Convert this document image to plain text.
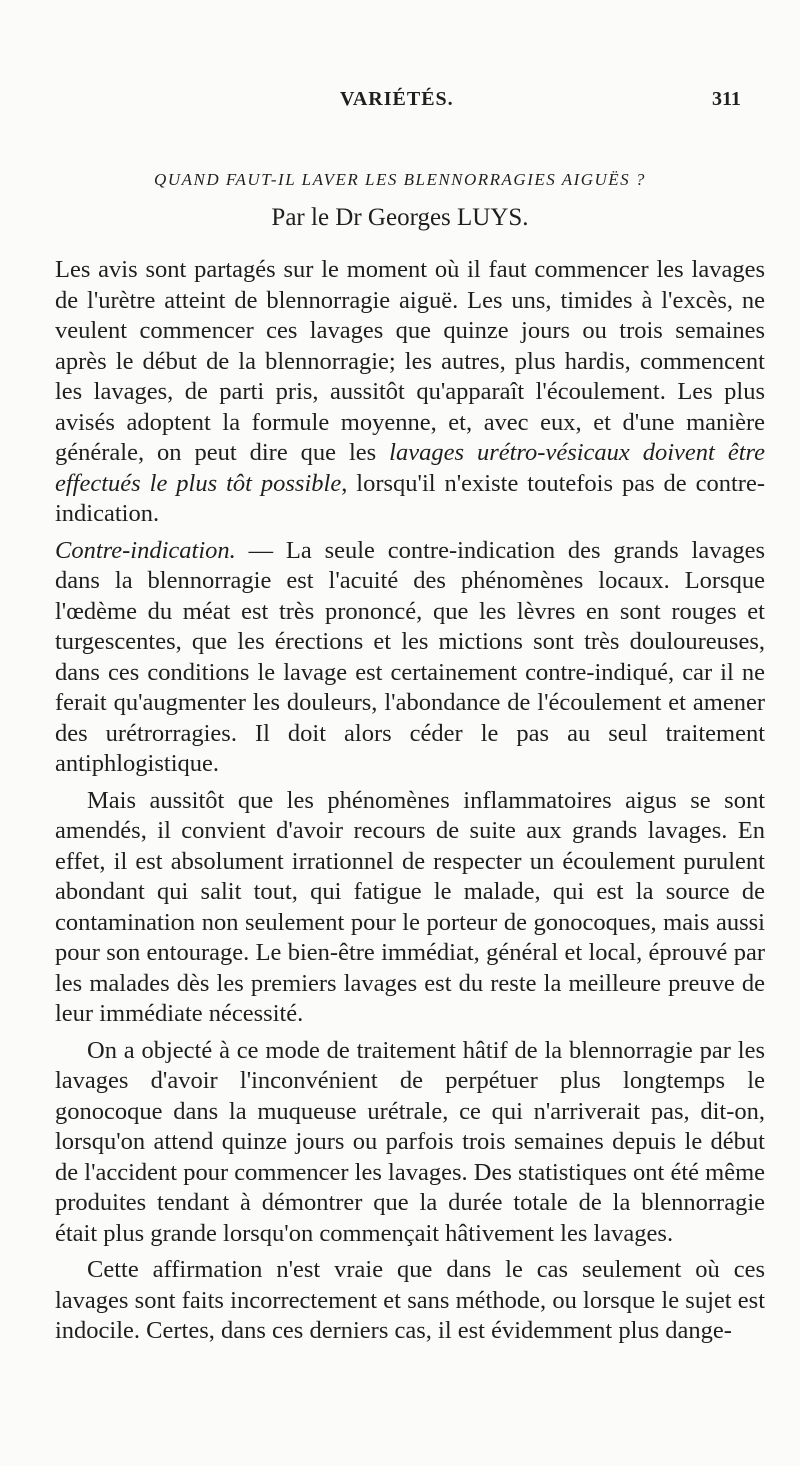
VARIÉTÉS.	311
QUAND FAUT-IL LAVER LES BLENNORRAGIES AIGUËS ?
Par le Dr Georges LUYS.

Les avis sont partagés sur le moment où il faut commencer les lavages de l'urètre atteint de blennorragie aiguë. Les uns, timides à l'excès, ne veulent commencer ces lavages que quinze jours ou trois semaines après le début de la blennorragie; les autres, plus hardis, commencent les lavages, de parti pris, aussitôt qu'apparaît l'écoulement. Les plus avisés adoptent la formule moyenne, et, avec eux, et d'une manière générale, on peut dire que les lavages urétro-vésicaux doivent être effectués le plus tôt possible, lorsqu'il n'existe toutefois pas de contre-indication.

Contre-indication. — La seule contre-indication des grands lavages dans la blennorragie est l'acuité des phénomènes locaux. Lorsque l'œdème du méat est très prononcé, que les lèvres en sont rouges et turgescentes, que les érections et les mictions sont très douloureuses, dans ces conditions le lavage est certainement contre-indiqué, car il ne ferait qu'augmenter les douleurs, l'abondance de l'écoulement et amener des urétrorragies. Il doit alors céder le pas au seul traitement antiphlogistique.

Mais aussitôt que les phénomènes inflammatoires aigus se sont amendés, il convient d'avoir recours de suite aux grands lavages. En effet, il est absolument irrationnel de respecter un écoulement purulent abondant qui salit tout, qui fatigue le malade, qui est la source de contamination non seulement pour le porteur de gonocoques, mais aussi pour son entourage. Le bien-être immédiat, général et local, éprouvé par les malades dès les premiers lavages est du reste la meilleure preuve de leur immédiate nécessité.

On a objecté à ce mode de traitement hâtif de la blennorragie par les lavages d'avoir l'inconvénient de perpétuer plus longtemps le gonocoque dans la muqueuse urétrale, ce qui n'arriverait pas, dit-on, lorsqu'on attend quinze jours ou parfois trois semaines depuis le début de l'accident pour commencer les lavages. Des statistiques ont été même produites tendant à démontrer que la durée totale de la blennorragie était plus grande lorsqu'on commençait hâtivement les lavages.

Cette affirmation n'est vraie que dans le cas seulement où ces lavages sont faits incorrectement et sans méthode, ou lorsque le sujet est indocile. Certes, dans ces derniers cas, il est évidemment plus dange-
